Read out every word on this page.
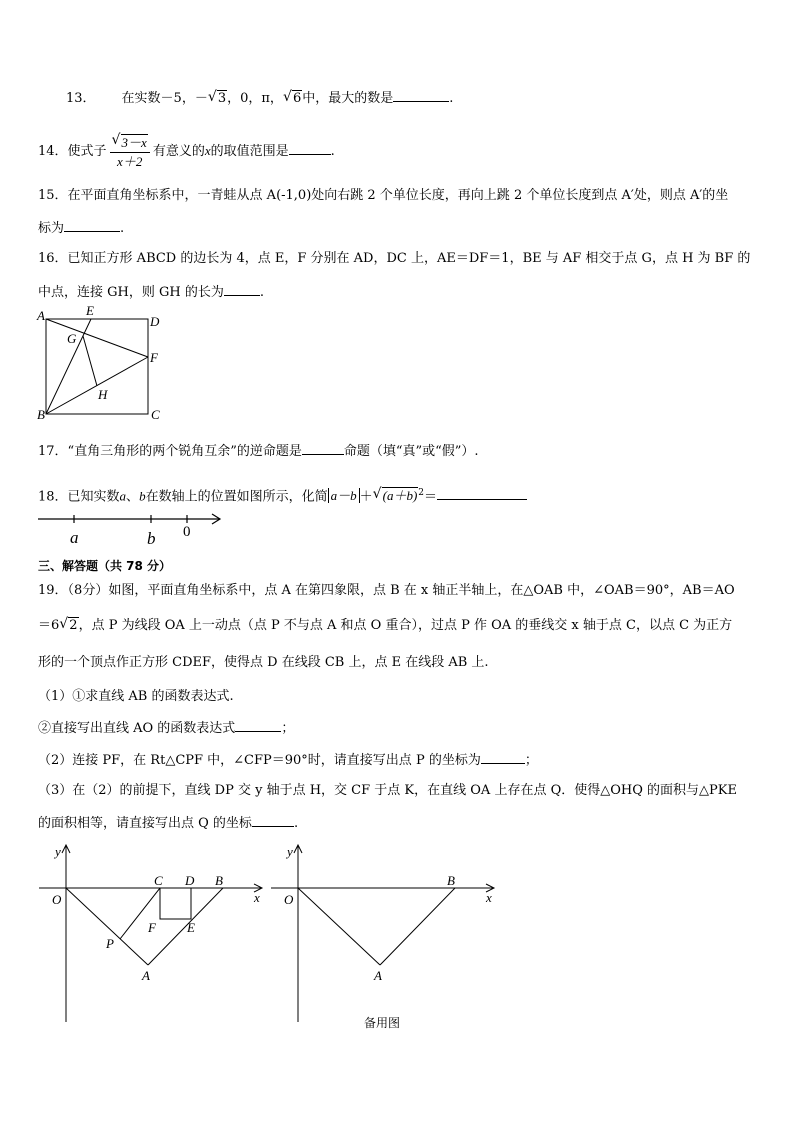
13． 在实数－5，－ √ 3，0，π， √ 6中，最大的数是	.
14．使式子 $\frac{√ 3-x}{x+2}$ 有意义的x的取值范围是	.
15．在平面直角坐标系中，一青蛙从点 A(-1,0)处向右跳 2 个单位长度，再向上跳 2 个单位长度到点 A′处，则点 A′的坐
标为	.
16．已知正方形 ABCD 的边长为 4，点 E，F 分别在 AD，DC 上，AE＝DF＝1，BE 与 AF 相交于点 G，点 H 为 BF 的
中点，连接 GH，则 GH 的长为	.
A	E
D
G
F
H
B	C
17．“直角三角形的两个锐角互余”的逆命题是	命题（填“真”或“假”）.
18．已知实数a、b在数轴上的位置如图所示，化简 a－b ＋ √ $(a+b)^2=$
a	b 0
三、解答题（共 78 分）
19．（8分）如图，平面直角坐标系中，点 A 在第四象限，点 B 在 x 轴正半轴上，在△OAB 中，∠OAB＝90°，AB＝AO
＝6 √ 2，点 P 为线段 OA 上一动点（点 P 不与点 A 和点 O 重合），过点 P 作 OA 的垂线交 x 轴于点 C，以点 C 为正方
形的一个顶点作正方形 CDEF，使得点 D 在线段 CB 上，点 E 在线段 AB 上.
（1）①求直线 AB 的函数表达式.
②直接写出直线 AO 的函数表达式	；
（2）连接 PF，在 Rt△CPF 中，∠CFP＝90°时，请直接写出点 P 的坐标为	；
（3）在（2）的前提下，直线 DP 交 y 轴于点 H，交 CF 于点 K，在直线 OA 上存在点 Q．使得△OHQ 的面积与△PKE
的面积相等，请直接写出点 Q 的坐标	.
y
x
O
C D B
F E
P
A
y
x
O
B
A
备用图
